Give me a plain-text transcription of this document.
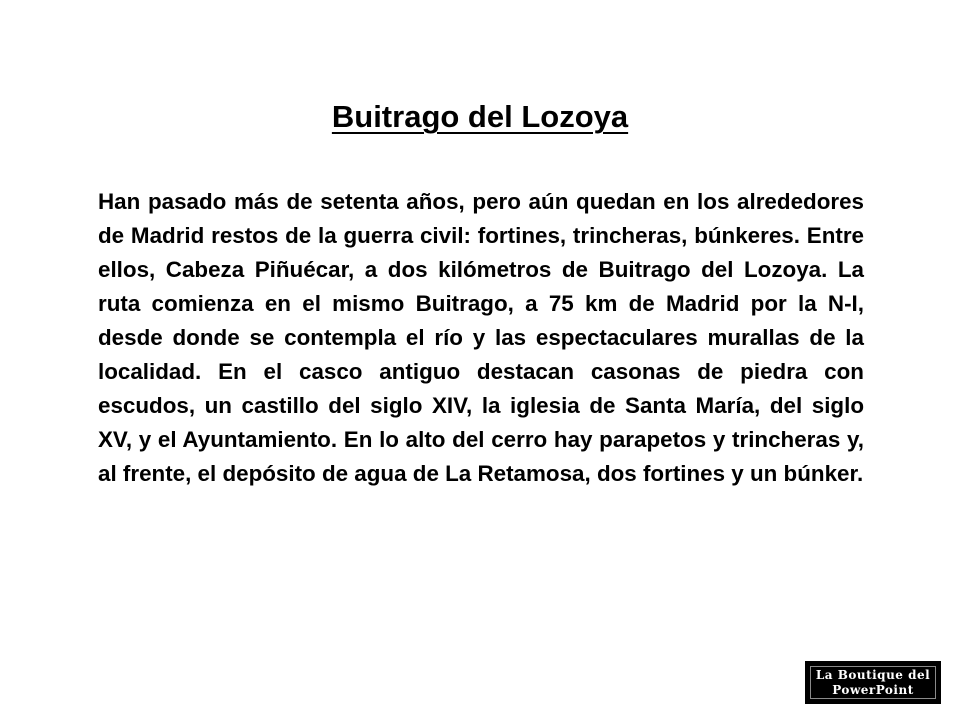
Buitrago del Lozoya

Han pasado más de setenta años, pero aún quedan en los alrededores de Madrid restos de la guerra civil: fortines, trincheras, búnkeres. Entre ellos, Cabeza Piñuécar, a dos kilómetros de Buitrago del Lozoya. La ruta comienza en el mismo Buitrago, a 75 km de Madrid por la N-I, desde donde se contempla el río y las espectaculares murallas de la localidad. En el casco antiguo destacan casonas de piedra con escudos, un castillo del siglo XIV, la iglesia de Santa María, del siglo XV, y el Ayuntamiento. En lo alto del cerro hay parapetos y trincheras y, al frente, el depósito de agua de La Retamosa, dos fortines y un búnker.

La Boutique del
PowerPoint
